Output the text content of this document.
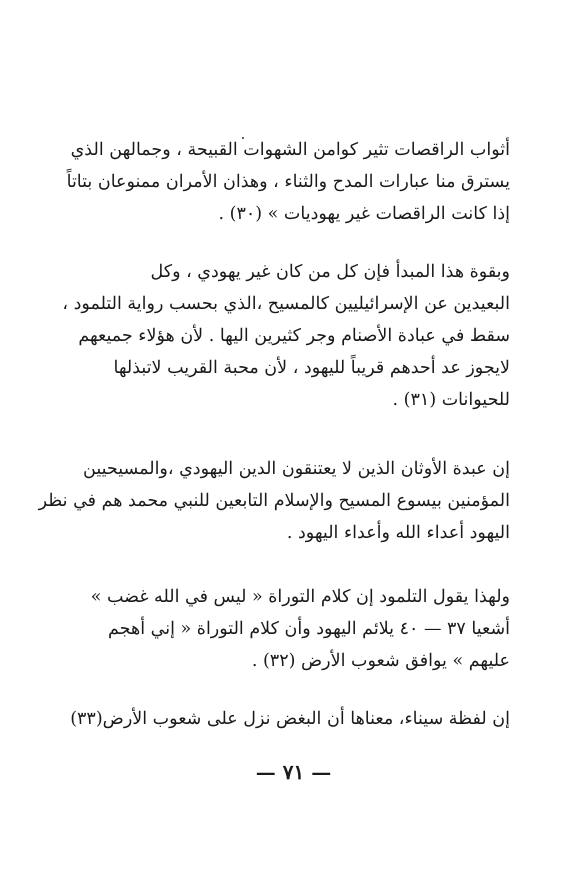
أثواب الراقصات تثير كوامن الشهوات القبيحة ، وجمالهن الذي
يسترق منا عبارات المدح والثناء ، وهذان الأمران ممنوعان بتاتاً
إذا كانت الراقصات غير يهوديات » (٣٠) .
وبقوة هذا المبدأ فإن كل من كان غير يهودي ، وكل
البعيدين عن الإسرائيليين كالمسيح ،الذي بحسب رواية التلمود ،
سقط في عبادة الأصنام وجر كثيرين اليها . لأن هؤلاء جميعهم
لايجوز عد أحدهم قريباً لليهود ، لأن محبة القريب لاتبذلها
للحيوانات (٣١) .
إن عبدة الأوثان الذين لا يعتنقون الدين اليهودي ،والمسيحيين
المؤمنين بيسوع المسيح والإسلام التابعين للنبي محمد هم في نظر
اليهود أعداء الله وأعداء اليهود .
ولهذا يقول التلمود إن كلام التوراة « ليس في الله غضب »
أشعيا ٣٧ — ٤٠ يلائم اليهود وأن كلام التوراة « إني أهجم
عليهم » يوافق شعوب الأرض (٣٢) .
إن لفظة سيناء، معناها أن البغض نزل على شعوب الأرض(٣٣)
— ٧١ —
